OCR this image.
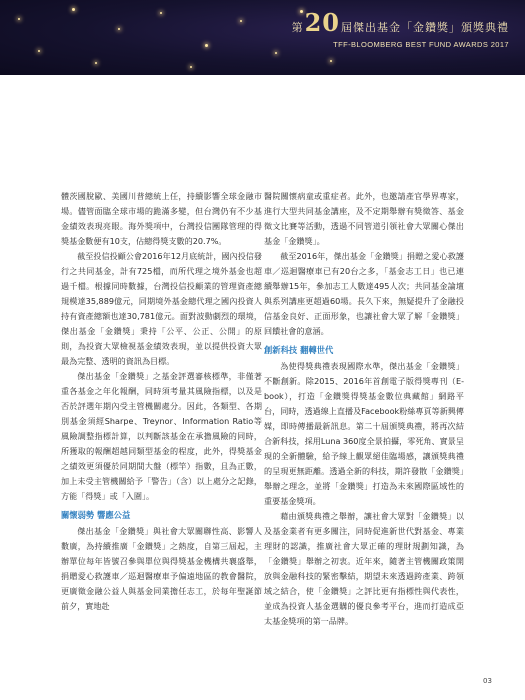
第 20 屆傑出基金「金鑽獎」頒獎典禮
TFF-BLOOMBERG BEST FUND AWARDS 2017

體茨國脫歐、美國川普總統上任，持續影響全球金融市場。儘管面臨全球市場的跪滿多變，但台灣仍有不少基金績效表現亮眼。海外獎項中，台灣投信團隊管理的得獎基金數便有10支，佔總得獎支數的20.7%。

截至投信投顧公會2016年12月底統計，國內投信發行之共同基金，計有725檔，而所代理之境外基金也超過千檔。根據同時數據，台灣投信投顧業的管理資產總規模達35,889億元，同期境外基金總代理之國內投資人持有資產總額也達30,781億元。面對波動劇烈的環境，傑出基金「金鑽獎」秉持「公平、公正、公開」的原則，為投資大眾檢視基金績效表現，並以提供投資大眾最為完整、透明的資訊為目標。

傑出基金「金鑽獎」之基金評選審核標準，非僅著重各基金之年化報酬，同時須考量其風險指標，以及是否於評選年期內受主管機關處分。因此，各類型、各期別基金須經Sharpe、Treynor、Information Ratio等風險調整指標計算，以判斷該基金在承擔風險的同時，所獲取的報酬超越同類型基金的程度，此外，得獎基金之績效更須優於同期間大盤（標竿）指數，且為正數，加上未受主管機關給予「警告」（含）以上處分之記錄，方能「得獎」或「入圍」。

關懷弱勢 響應公益

傑出基金「金鑽獎」與社會大眾關聯性高、影響人數廣，為持續推廣「金鑽獎」之熱度，自第三屆起，主辦單位每年皆號召參與單位與得獎基金機構共襄盛舉，捐贈愛心救護車／巡迴醫療車予偏遠地區的教會醫院，更廣徵金融公益人與基金同業擔任志工，於每年聖誕節前夕，實地赴

醫院關懷病童或重症者。此外，也邀請產官學界專家，進行大型共同基金講座，及不定期舉辦有獎徵答、基金徵文比賽等活動，透過不同管道引領社會大眾關心傑出基金「金鑽獎」。

截至2016年，傑出基金「金鑽獎」捐贈之愛心救護車／巡迴醫療車已有20台之多，「基金志工日」也已連續舉辦15年，參加志工人數達495人次；共同基金論壇與系列講座更超過60場。長久下來，無疑提升了金融投信基金良好、正面形象，也讓社會大眾了解「金鑽獎」回饋社會的意涵。

創新科技 翻轉世代

為使得獎典禮表現國際水準，傑出基金「金鑽獎」不斷創新。除2015、2016年首創電子版得獎專刊（E-book），打造「金鑽獎得獎基金數位典藏館」網路平台，同時，透過線上直播及Facebook粉絲專頁等新興傳媒，即時傳播最新訊息。第二十屆頒獎典禮，將再次結合新科技，採用Luna 360度全景拍攝，零死角、實景呈現的全新體驗，給予線上觀眾絕佳臨場感，讓頒獎典禮的呈現更無距離。透過全新的科技，期許發散「金鑽獎」舉辦之理念，並將「金鑽獎」打造為未來國際區域性的重要基金獎項。

藉由頒獎典禮之舉辦，讓社會大眾對「金鑽獎」以及基金業者有更多關注，同時促進新世代對基金、專業理財的認識，推廣社會大眾正確的理財規劃知識，為「金鑽獎」舉辦之初衷。近年來，隨著主管機關政策開放與金融科技的緊密擊結，期望未來透過跨產業、跨領域之結合，使「金鑽獎」之評比更有指標性與代表性，並成為投資人基金選購的優良參考平台，進而打造成亞太基金獎項的第一品牌。

03
